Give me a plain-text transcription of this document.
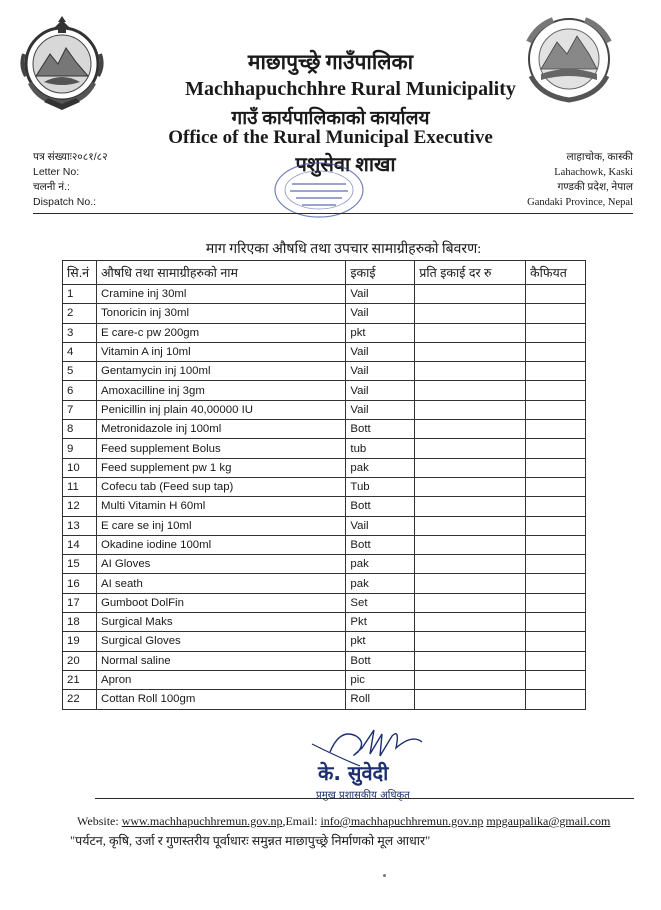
माछापुच्छ्रे गाउँपालिका
Machhapuchchhre Rural Municipality
गाउँ कार्यपालिकाको कार्यालय
Office of the Rural Municipal Executive
पशुसेवा शाखा
पत्र संख्याः२०८१/८२
Letter No:
चलनी नं.:
Dispatch No.:
लाहाचोक, कास्की
Lahachowk, Kaski
गण्डकी प्रदेश, नेपाल
Gandaki Province, Nepal
माग गरिएका औषधि तथा उपचार सामाग्रीहरुको बिवरण:
सि.नं	औषधि तथा सामाग्रीहरुको नाम	इकाई	प्रति इकाई दर रु	कैफियत
1	Cramine inj 30ml	Vail		
2	Tonoricin inj 30ml	Vail		
3	E care-c pw 200gm	pkt		
4	Vitamin A inj 10ml	Vail		
5	Gentamycin inj 100ml	Vail		
6	Amoxacilline inj 3gm	Vail		
7	Penicillin inj plain 40,00000 IU	Vail		
8	Metronidazole inj 100ml	Bott		
9	Feed supplement Bolus	tub		
10	Feed supplement pw 1 kg	pak		
11	Cofecu tab (Feed sup tap)	Tub		
12	Multi Vitamin H 60ml	Bott		
13	E care se inj 10ml	Vail		
14	Okadine iodine 100ml	Bott		
15	AI Gloves	pak		
16	AI seath	pak		
17	Gumboot DolFin	Set		
18	Surgical Maks	Pkt		
19	Surgical Gloves	pkt		
20	Normal saline	Bott		
21	Apron	pic		
22	Cottan Roll 100gm	Roll		
के. सुवेदी
प्रमुख प्रशासकीय अधिकृत
Website: www.machhapuchhremun.gov.np,Email: info@machhapuchhremun.gov.np mpgaupalika@gmail.com
"पर्यटन, कृषि, उर्जा र गुणस्तरीय पूर्वाधारः समुन्नत माछापुच्छ्रे निर्माणको मूल आधार"
